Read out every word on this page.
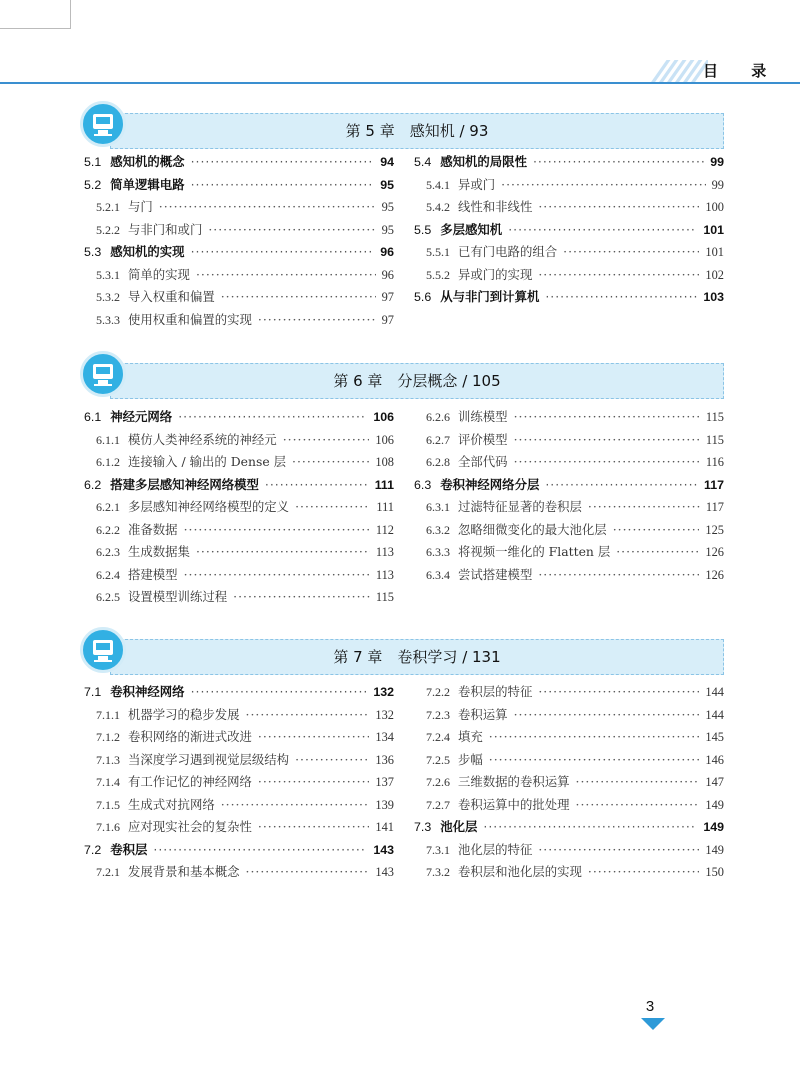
目 录
第 5 章　感知机 / 93
5.1 感知机的概念 ·····	94
5.2 简单逻辑电路 ·····	95
5.2.1 与门 ·····	95
5.2.2 与非门和或门 ·····	95
5.3 感知机的实现 ·····	96
5.3.1 简单的实现 ·····	96
5.3.2 导入权重和偏置 ·····	97
5.3.3 使用权重和偏置的实现 ·····	97
5.4 感知机的局限性 ·····	99
5.4.1 异或门 ·····	99
5.4.2 线性和非线性 ·····	100
5.5 多层感知机 ·····	101
5.5.1 已有门电路的组合 ·····	101
5.5.2 异或门的实现 ·····	102
5.6 从与非门到计算机 ·····	103
第 6 章　分层概念 / 105
6.1 神经元网络 ·····	106
6.1.1 模仿人类神经系统的神经元 ·····	106
6.1.2 连接输入 / 输出的 Dense 层 ·····	108
6.2 搭建多层感知神经网络模型 ·····	111
6.2.1 多层感知神经网络模型的定义 ·····	111
6.2.2 准备数据 ·····	112
6.2.3 生成数据集 ·····	113
6.2.4 搭建模型 ·····	113
6.2.5 设置模型训练过程 ·····	115
6.2.6 训练模型 ·····	115
6.2.7 评价模型 ·····	115
6.2.8 全部代码 ·····	116
6.3 卷积神经网络分层 ·····	117
6.3.1 过滤特征显著的卷积层 ·····	117
6.3.2 忽略细微变化的最大池化层 ·····	125
6.3.3 将视频一维化的 Flatten 层 ·····	126
6.3.4 尝试搭建模型 ·····	126
第 7 章　卷积学习 / 131
7.1 卷积神经网络 ·····	132
7.1.1 机器学习的稳步发展 ·····	132
7.1.2 卷积网络的渐进式改进 ·····	134
7.1.3 当深度学习遇到视觉层级结构 ·····	136
7.1.4 有工作记忆的神经网络 ·····	137
7.1.5 生成式对抗网络 ·····	139
7.1.6 应对现实社会的复杂性 ·····	141
7.2 卷积层 ·····	143
7.2.1 发展背景和基本概念 ·····	143
7.2.2 卷积层的特征 ·····	144
7.2.3 卷积运算 ·····	144
7.2.4 填充 ·····	145
7.2.5 步幅 ·····	146
7.2.6 三维数据的卷积运算 ·····	147
7.2.7 卷积运算中的批处理 ·····	149
7.3 池化层 ·····	149
7.3.1 池化层的特征 ·····	149
7.3.2 卷积层和池化层的实现 ·····	150
3
